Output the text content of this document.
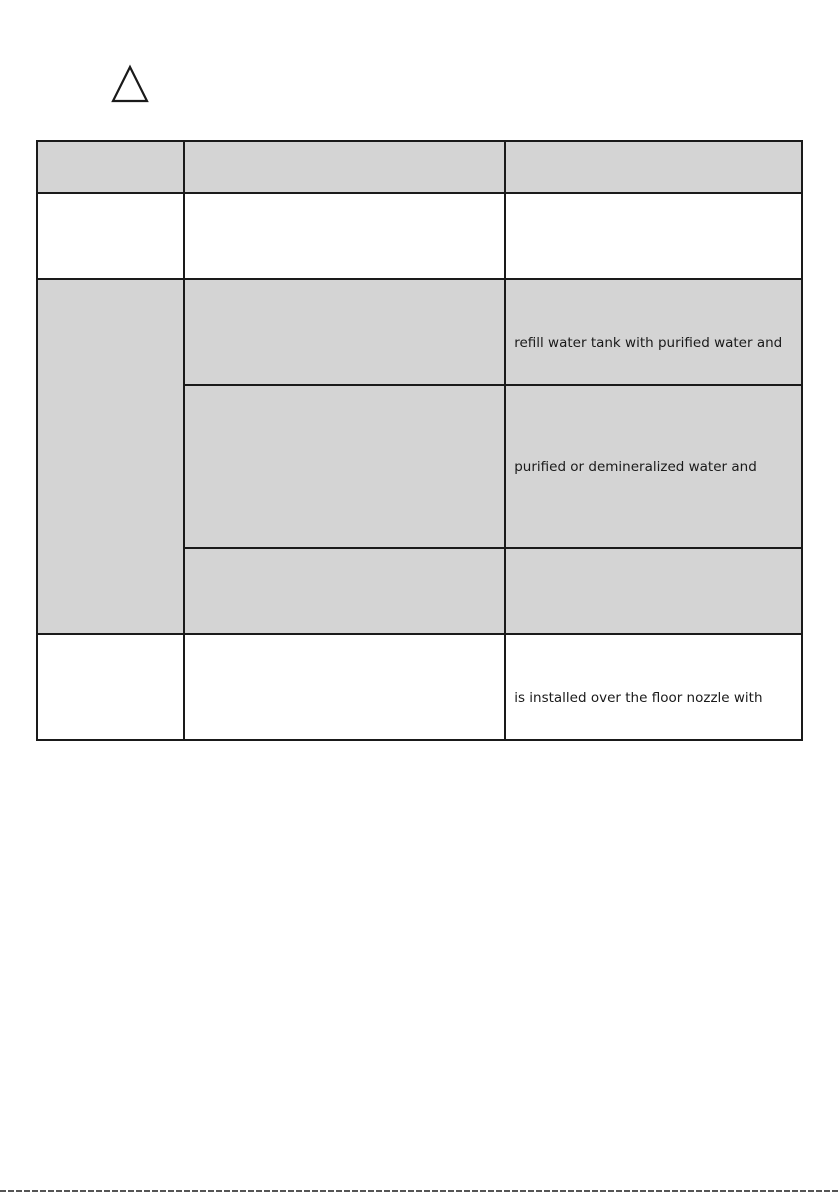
		refill water tank with purified water and
		purified or demineralized water and

		is installed over the floor nozzle with
